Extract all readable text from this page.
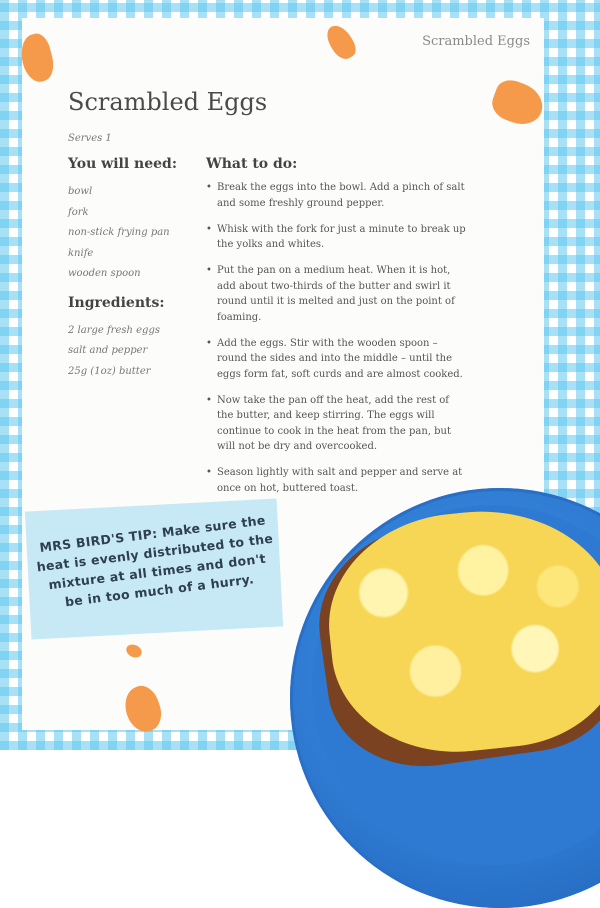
Scrambled Eggs
Scrambled Eggs
Serves 1
You will need:
bowl
fork
non-stick frying pan
knife
wooden spoon
Ingredients:
2 large fresh eggs
salt and pepper
25g (1oz) butter
What to do:
• Break the eggs into the bowl. Add a pinch of salt and some freshly ground pepper.
• Whisk with the fork for just a minute to break up the yolks and whites.
• Put the pan on a medium heat. When it is hot, add about two-thirds of the butter and swirl it round until it is melted and just on the point of foaming.
• Add the eggs. Stir with the wooden spoon – round the sides and into the middle – until the eggs form fat, soft curds and are almost cooked.
• Now take the pan off the heat, add the rest of the butter, and keep stirring. The eggs will continue to cook in the heat from the pan, but will not be dry and overcooked.
• Season lightly with salt and pepper and serve at once on hot, buttered toast.
MRS BIRD'S TIP: Make sure the heat is evenly distributed to the mixture at all times and don't be in too much of a hurry.
